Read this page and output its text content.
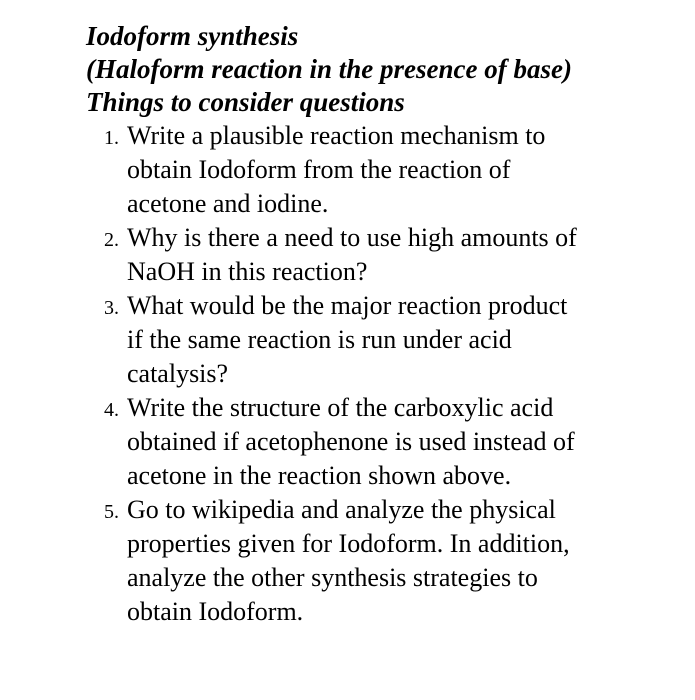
Iodoform synthesis
(Haloform reaction in the presence of base)
Things to consider questions
1. Write a plausible reaction mechanism to
obtain Iodoform from the reaction of
acetone and iodine.
2. Why is there a need to use high amounts of
NaOH in this reaction?
3. What would be the major reaction product
if the same reaction is run under acid
catalysis?
4. Write the structure of the carboxylic acid
obtained if acetophenone is used instead of
acetone in the reaction shown above.
5. Go to wikipedia and analyze the physical
properties given for Iodoform. In addition,
analyze the other synthesis strategies to
obtain Iodoform.
